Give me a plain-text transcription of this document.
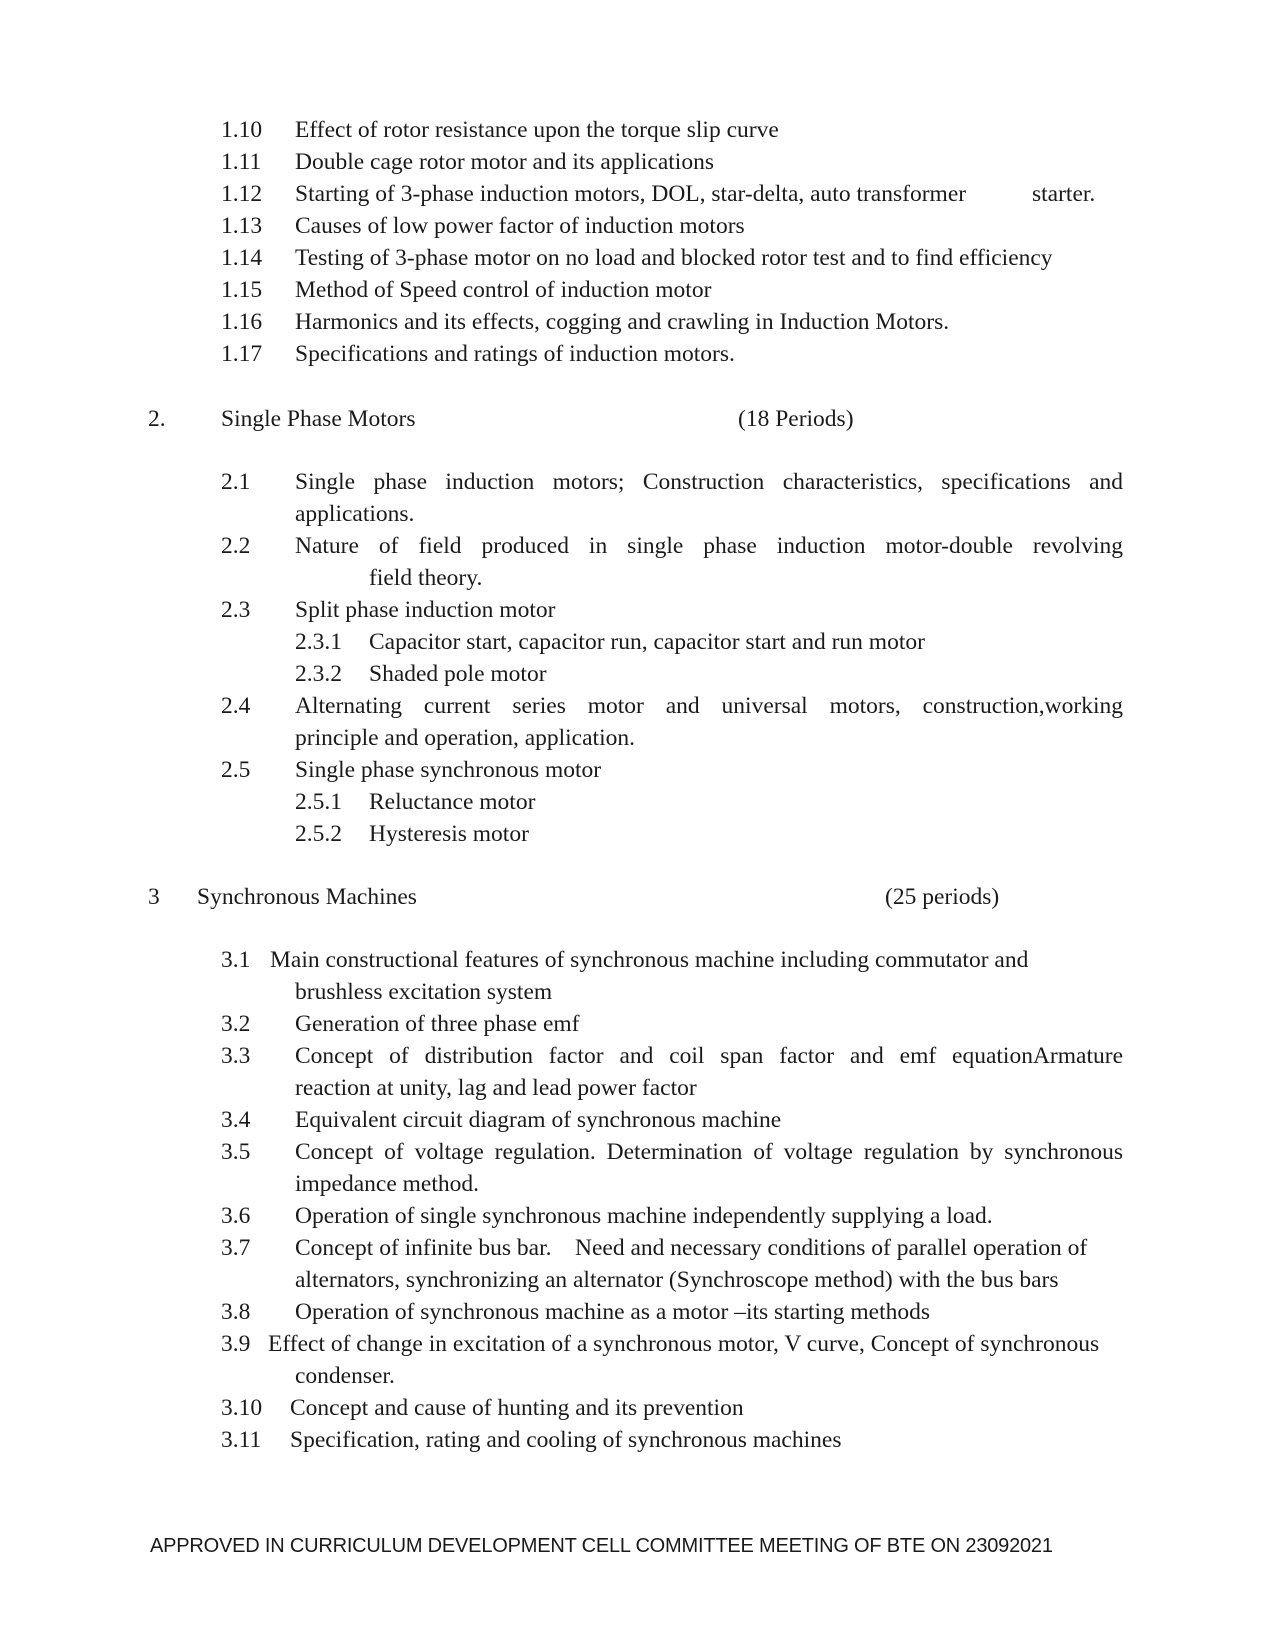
1.10 Effect of rotor resistance upon the torque slip curve
1.11 Double cage rotor motor and its applications
1.12 Starting of 3-phase induction motors, DOL, star-delta, auto transformer	starter.
1.13 Causes of low power factor of induction motors
1.14 Testing of 3-phase motor on no load and blocked rotor test and to find efficiency
1.15 Method of Speed control of induction motor
1.16 Harmonics and its effects, cogging and crawling in Induction Motors.
1.17 Specifications and ratings of induction motors.
2. Single Phase Motors	(18 Periods)
2.1 Single phase induction motors; Construction characteristics, specifications and
applications.
2.2 Nature of field produced in single phase induction motor-double revolving
field theory.
2.3 Split phase induction motor
2.3.1 Capacitor start, capacitor run, capacitor start and run motor
2.3.2 Shaded pole motor
2.4 Alternating current series motor and universal motors, construction,working
principle and operation, application.
2.5 Single phase synchronous motor
2.5.1 Reluctance motor
2.5.2 Hysteresis motor
3 Synchronous Machines	(25 periods)
3.1 Main constructional features of synchronous machine including commutator and
brushless excitation system
3.2 Generation of three phase emf
3.3 Concept of distribution factor and coil span factor and emf equationArmature
reaction at unity, lag and lead power factor
3.4 Equivalent circuit diagram of synchronous machine
3.5 Concept of voltage regulation. Determination of voltage regulation by synchronous
impedance method.
3.6 Operation of single synchronous machine independently supplying a load.
3.7 Concept of infinite bus bar.    Need and necessary conditions of parallel operation of
alternators, synchronizing an alternator (Synchroscope method) with the bus bars
3.8 Operation of synchronous machine as a motor –its starting methods
3.9 Effect of change in excitation of a synchronous motor, V curve, Concept of synchronous
condenser.
3.10 Concept and cause of hunting and its prevention
3.11 Specification, rating and cooling of synchronous machines
APPROVED IN CURRICULUM DEVELOPMENT CELL COMMITTEE MEETING OF BTE ON 23092021
